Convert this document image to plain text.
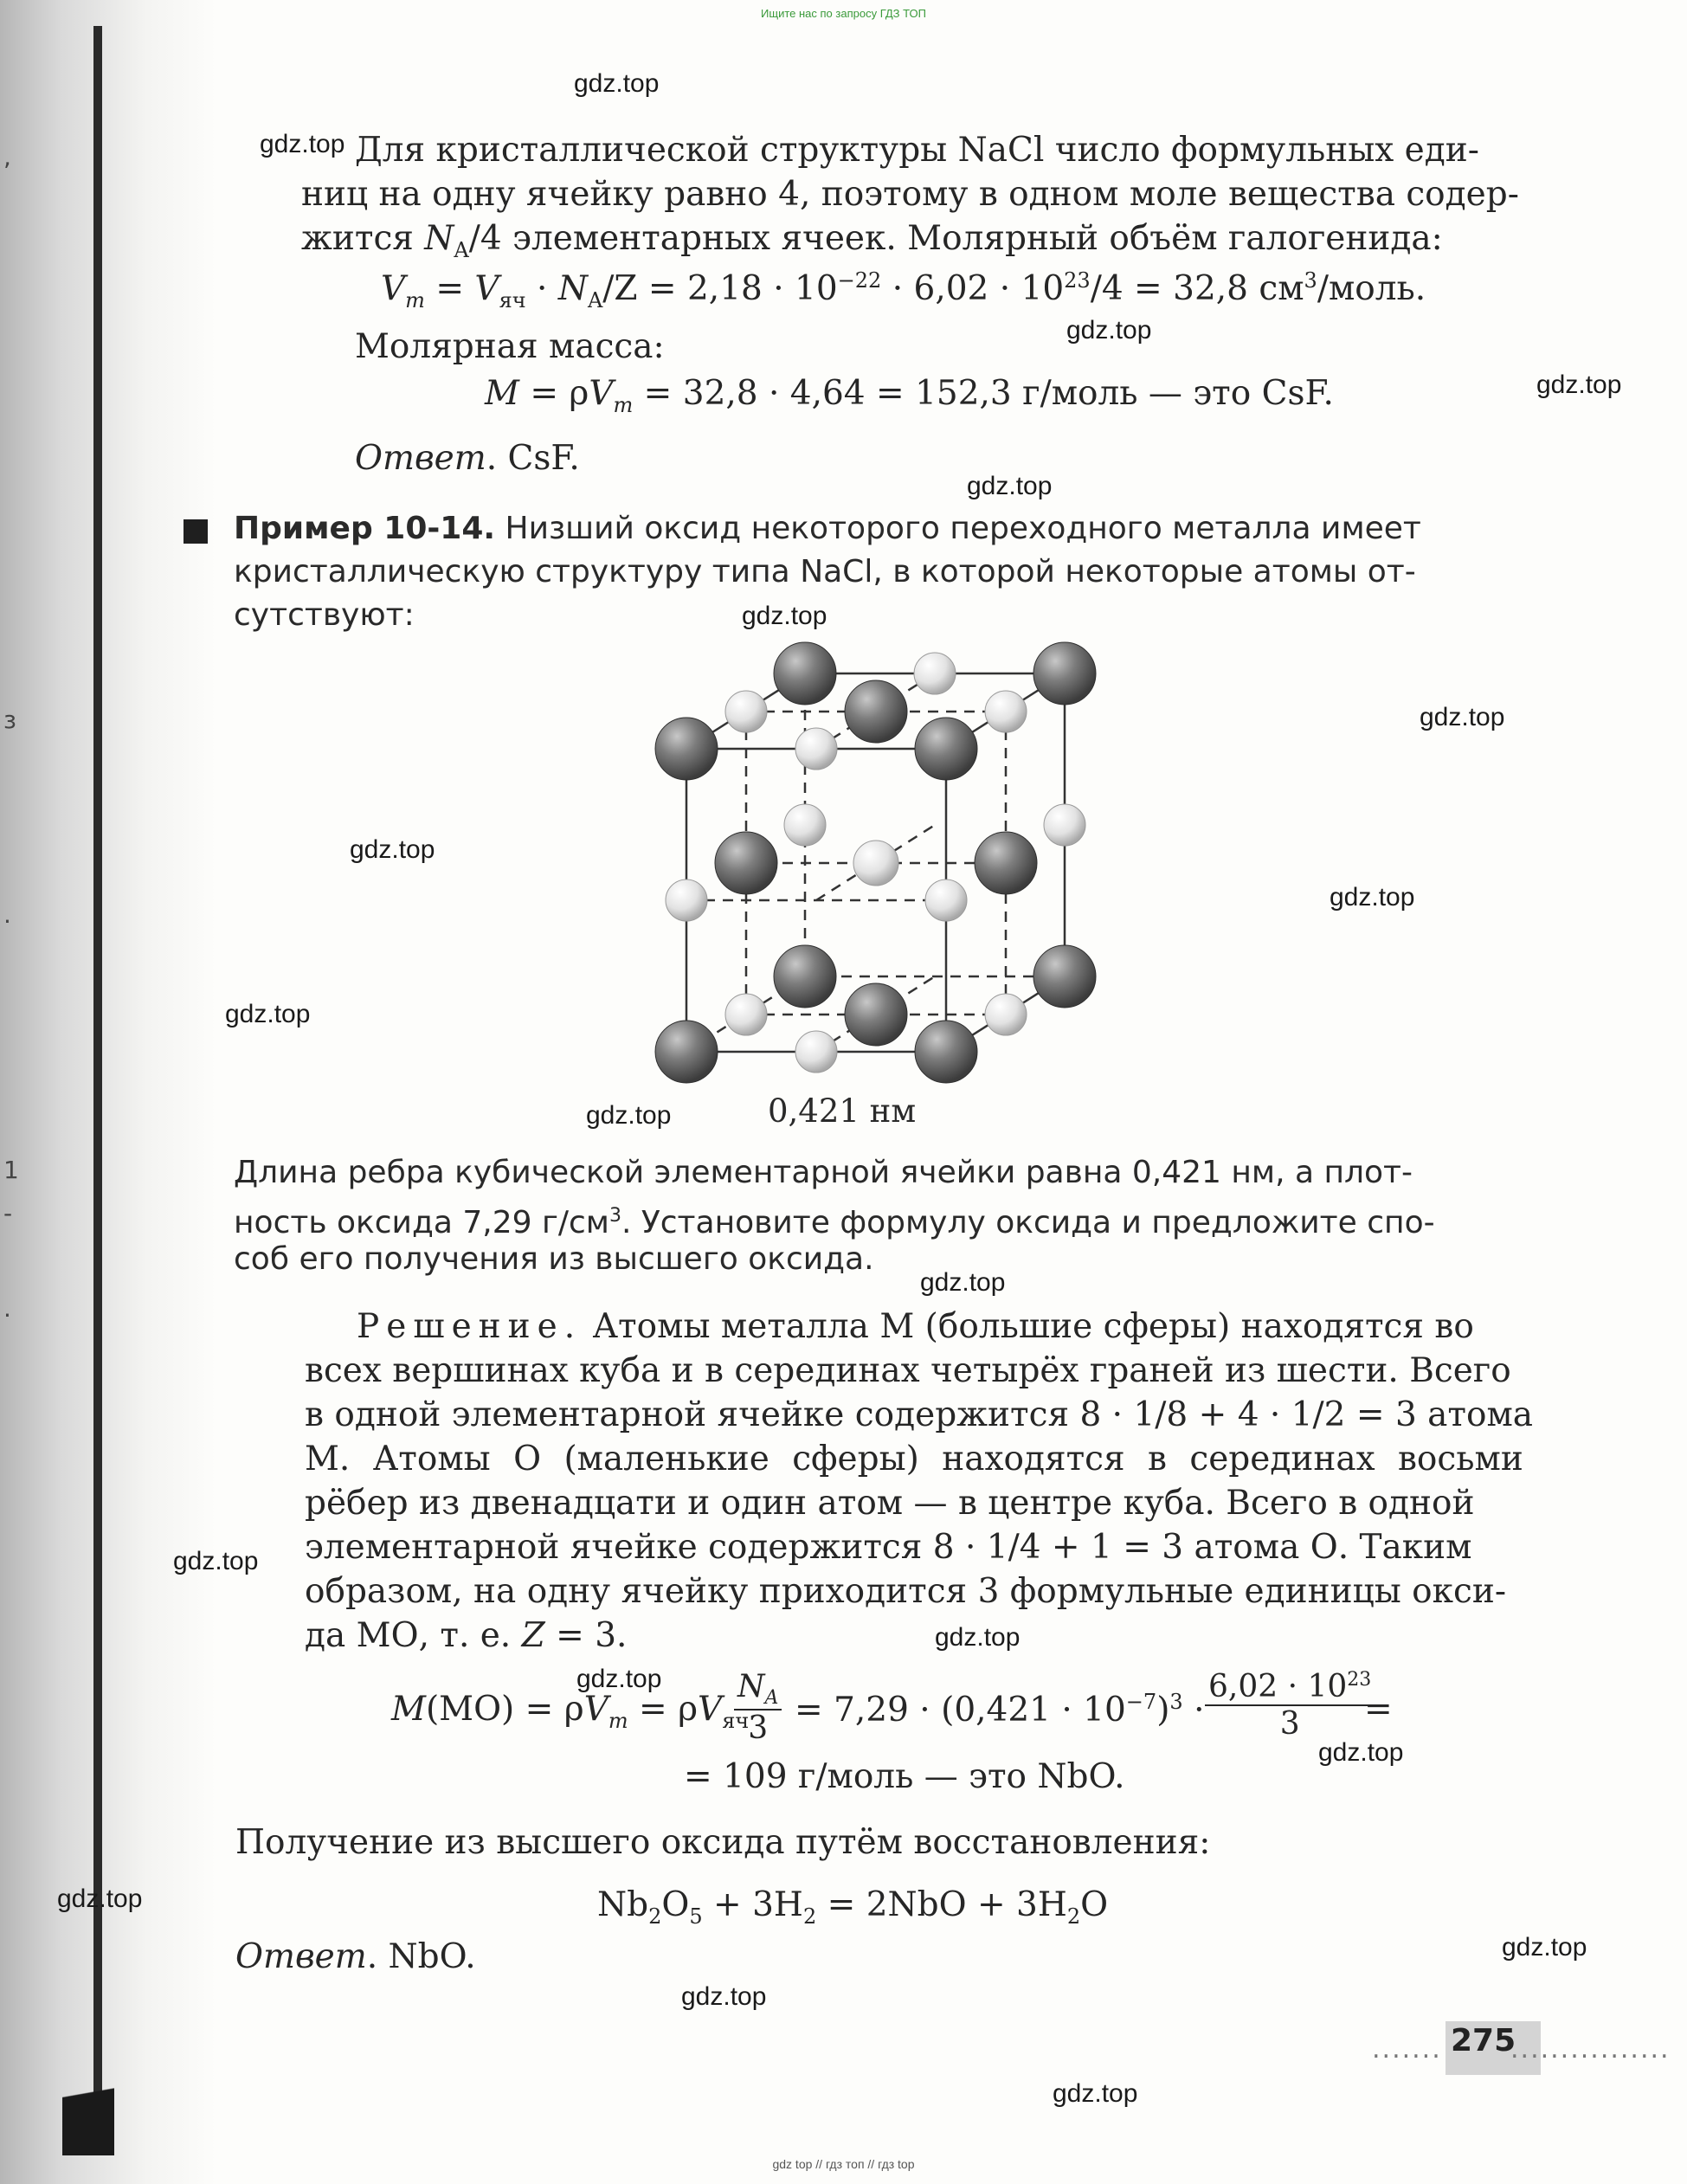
,
з
.
1
-
.
Ищите нас по запросу ГДЗ ТОП
gdz.top
gdz.top
gdz.top
gdz.top
gdz.top
gdz.top
gdz.top
gdz.top
gdz.top
gdz.top
gdz.top
gdz.top
gdz.top
gdz.top
gdz.top
gdz.top
gdz.top
gdz.top
gdz.top
gdz.top
Для кристаллической структуры NaCl число формульных еди-
ниц на одну ячейку равно 4, поэтому в одном моле вещества содер-
жится $N_A/4$ элементарных ячеек. Молярный объём галогенида:
$V_m = V_{яч} \cdot N_A/Z = 2,18 \cdot 10^{-22} \cdot 6,02 \cdot 10^{23}/4 = 32,8$ $см^3$/моль.
Молярная масса:
$M = \rho V_m = 32,8 \cdot 4,64 = 152,3$ г/моль — это CsF.
Ответ. CsF.
Пример 10-14. Низший оксид некоторого переходного металла имеет
кристаллическую структуру типа NaCl, в которой некоторые атомы от-
сутствуют:
0,421 нм
Длина ребра кубической элементарной ячейки равна 0,421 нм, а плот-
ность оксида 7,29 $г/см^3$. Установите формулу оксида и предложите спо-
соб его получения из высшего оксида.
Решение. Атомы металла М (большие сферы) находятся во
всех вершинах куба и в серединах четырёх граней из шести. Всего
в одной элементарной ячейке содержится 8 · 1/8 + 4 · 1/2 = 3 атома
М. Атомы О (маленькие сферы) находятся в серединах восьми
рёбер из двенадцати и один атом — в центре куба. Всего в одной
элементарной ячейке содержится 8 · 1/4 + 1 = 3 атома О. Таким
образом, на одну ячейку приходится 3 формульные единицы окси-
да МО, т. е. Z = 3.
$M(MO) = \rho V_m = \rho V_{яч}$
$\frac{N_A}{3} = 7,29 \cdot (0,421 \cdot 10^{-7})^3 \cdot \frac{6,02 \cdot 10^{23}}{3}$
=
= 109 г/моль — это NbO.
Получение из высшего оксида путём восстановления:
$Nb_2O_5 + 3H_2 = 2NbO + 3H_2O$
Ответ. NbO.
....... 275
................
gdz top // гдз топ // гдз top
